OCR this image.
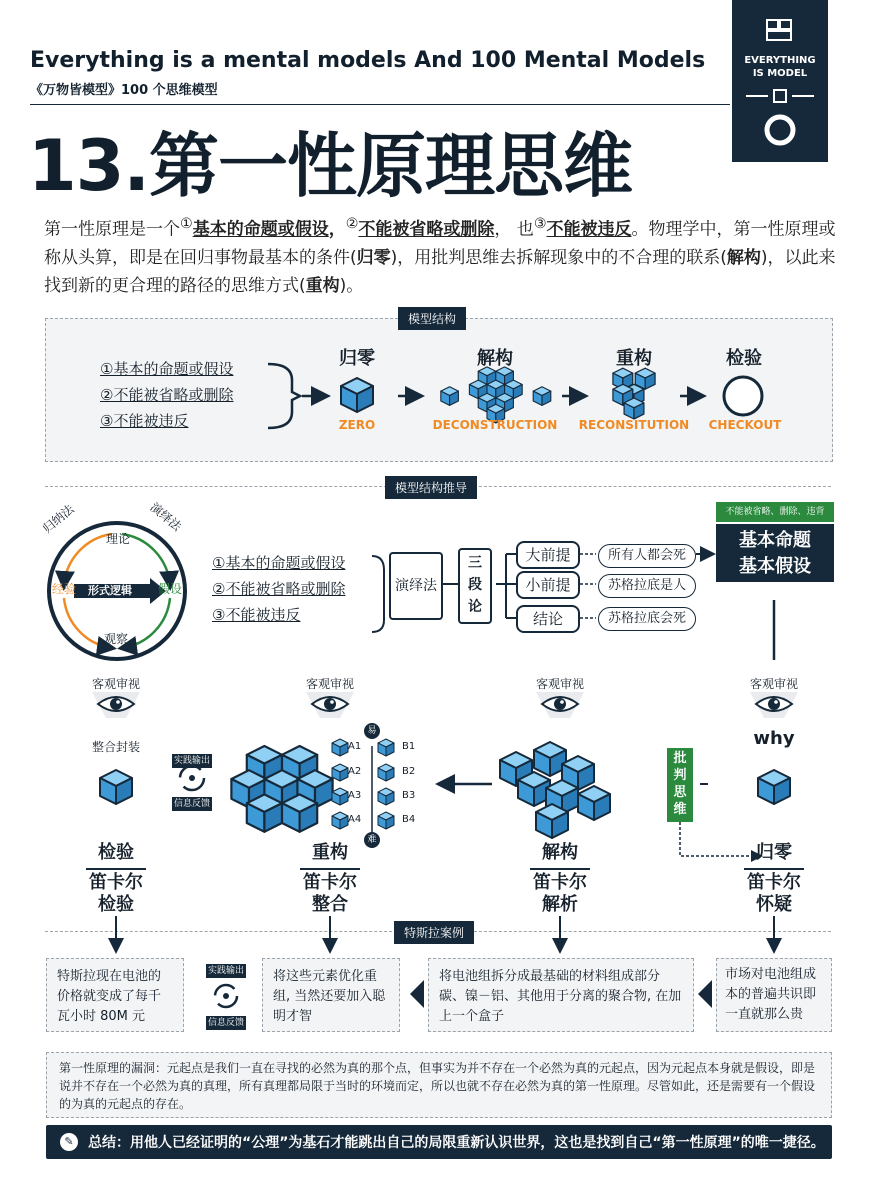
Everything is a mental models And 100 Mental Models
《万物皆模型》100 个思维模型
EVERYTHING
IS MODEL
13.第一性原理思维
第一性原理是一个①基本的命题或假设，②不能被省略或删除， 也③不能被违反。物理学中，第一性原理或称从头算，即是在回归事物最基本的条件(归零)，用批判思维去拆解现象中的不合理的联系(解构)，以此来找到新的更合理的路径的思维方式(重构)。
模型结构
①基本的命题或假设
②不能被省略或删除
③不能被违反
归零
ZERO
解构
DECONSTRUCTION
重构
RECONSITUTION
检验
CHECKOUT
模型结构推导
归纳法	演绎法
理论
观察
经验	假设
形式逻辑
①基本的命题或假设
②不能被省略或删除
③不能被违反
演绎法
三段论
大前提
小前提
结论
所有人都会死
苏格拉底是人
苏格拉底会死
不能被省略、删除、违背
基本命题
基本假设
客观审视	客观审视	客观审视	客观审视
整合封装	why
实践输出
信息反馈
易
难
A1
A2
A3
A4
B1
B2
B3
B4
批判思维
检验
笛卡尔
检验
重构
笛卡尔
整合
解构
笛卡尔
解析
归零
笛卡尔
怀疑
特斯拉案例
特斯拉现在电池的价格就变成了每千瓦小时 80M 元
实践输出
信息反馈
将这些元素优化重组, 当然还要加入聪明才智
将电池组拆分成最基础的材料组成部分碳、镍－铝、其他用于分离的聚合物, 在加上一个盒子
市场对电池组成本的普遍共识即一直就那么贵
第一性原理的漏洞：元起点是我们一直在寻找的必然为真的那个点，但事实为并不存在一个必然为真的元起点，因为元起点本身就是假设，即是说并不存在一个必然为真的真理，所有真理都局限于当时的环境而定，所以也就不存在必然为真的第一性原理。尽管如此，还是需要有一个假设的为真的元起点的存在。
✎	总结：用他人已经证明的“公理”为基石才能跳出自己的局限重新认识世界，这也是找到自己“第一性原理”的唯一捷径。
